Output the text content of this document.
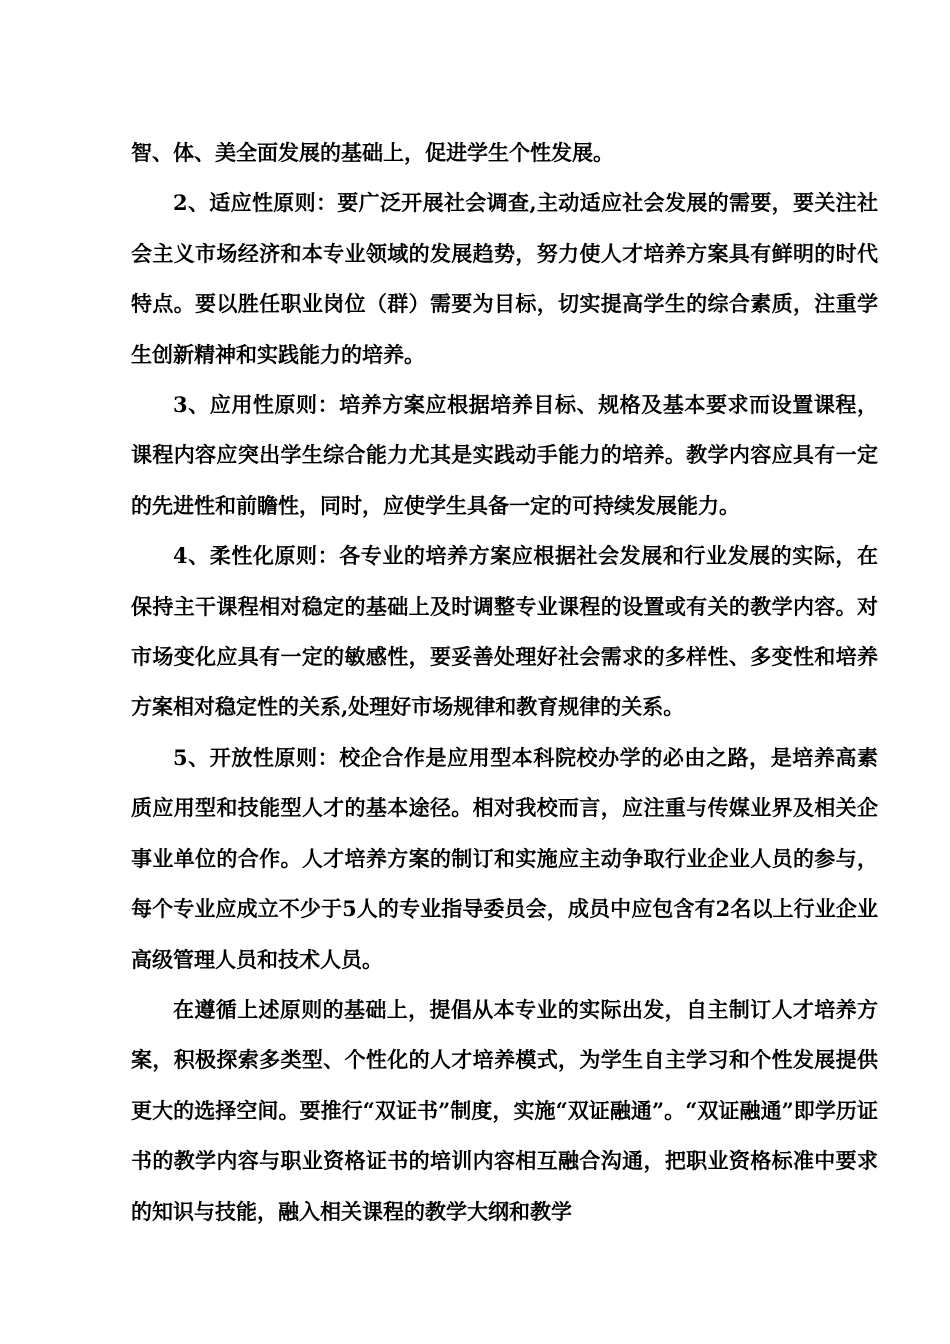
智、体、美全面发展的基础上，促进学生个性发展。

2、适应性原则：要广泛开展社会调查,主动适应社会发展的需要，要关注社会主义市场经济和本专业领域的发展趋势，努力使人才培养方案具有鲜明的时代特点。要以胜任职业岗位（群）需要为目标，切实提高学生的综合素质，注重学生创新精神和实践能力的培养。

3、应用性原则：培养方案应根据培养目标、规格及基本要求而设置课程，课程内容应突出学生综合能力尤其是实践动手能力的培养。教学内容应具有一定的先进性和前瞻性，同时，应使学生具备一定的可持续发展能力。

4、柔性化原则：各专业的培养方案应根据社会发展和行业发展的实际，在保持主干课程相对稳定的基础上及时调整专业课程的设置或有关的教学内容。对市场变化应具有一定的敏感性，要妥善处理好社会需求的多样性、多变性和培养方案相对稳定性的关系,处理好市场规律和教育规律的关系。

5、开放性原则：校企合作是应用型本科院校办学的必由之路，是培养高素质应用型和技能型人才的基本途径。相对我校而言，应注重与传媒业界及相关企事业单位的合作。人才培养方案的制订和实施应主动争取行业企业人员的参与，每个专业应成立不少于5人的专业指导委员会，成员中应包含有2名以上行业企业高级管理人员和技术人员。

在遵循上述原则的基础上，提倡从本专业的实际出发，自主制订人才培养方案，积极探索多类型、个性化的人才培养模式，为学生自主学习和个性发展提供更大的选择空间。要推行“双证书”制度，实施“双证融通”。“双证融通”即学历证书的教学内容与职业资格证书的培训内容相互融合沟通，把职业资格标准中要求的知识与技能，融入相关课程的教学大纲和教学
